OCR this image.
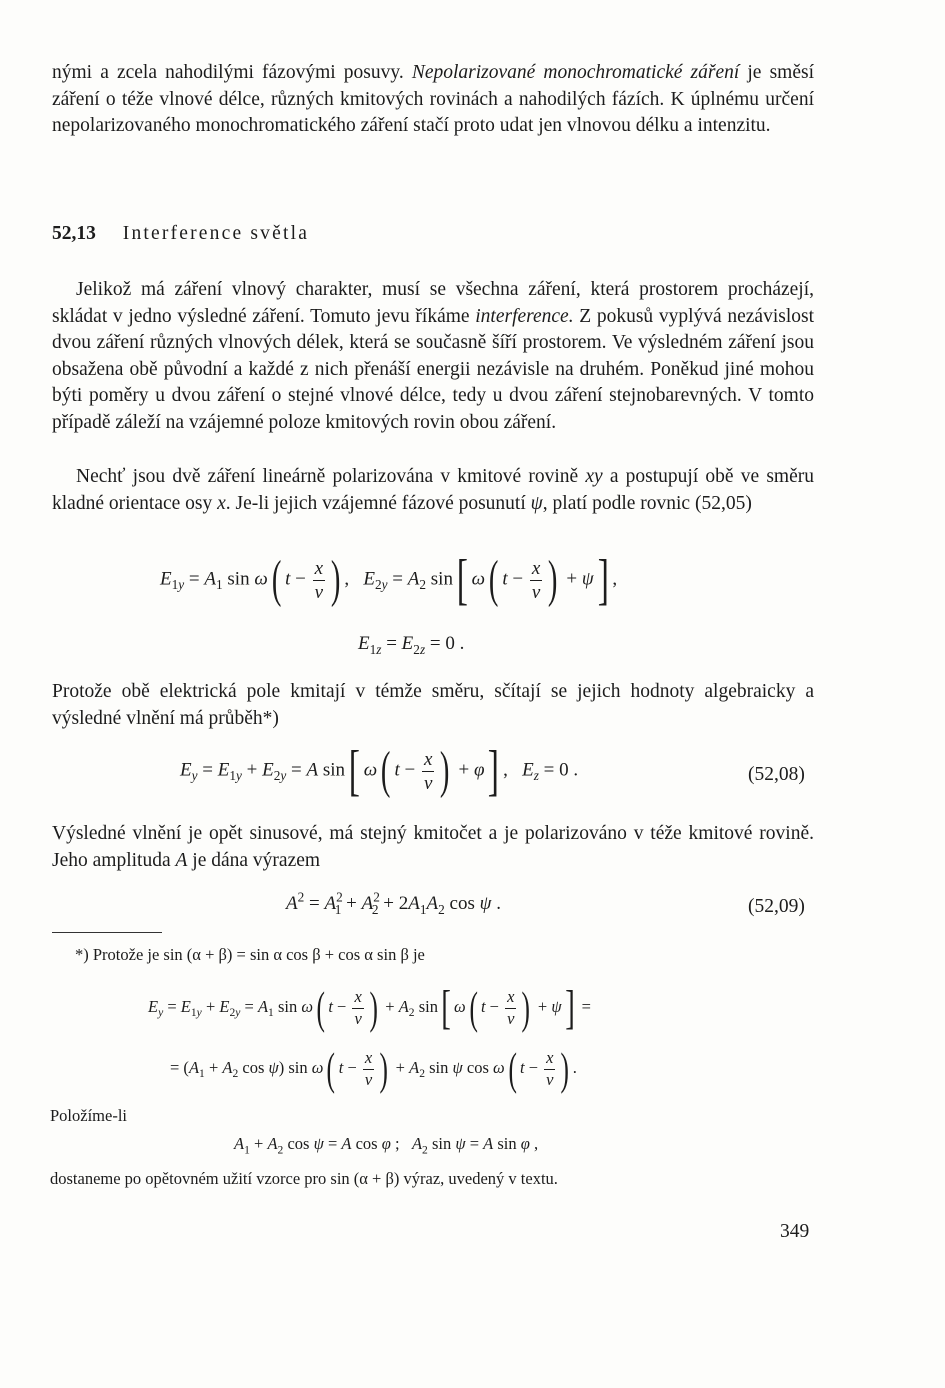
nými a zcela nahodilými fázovými posuvy. Nepolarizované monochromatické záření je směsí záření o téže vlnové délce, různých kmitových rovinách a nahodilých fázích. K úplnému určení nepolarizovaného monochromatického záření stačí proto udat jen vlnovou délku a intenzitu.
52,13 Interference světla
Jelikož má záření vlnový charakter, musí se všechna záření, která prostorem procházejí, skládat v jedno výsledné záření. Tomuto jevu říkáme interference. Z pokusů vyplývá nezávislost dvou záření různých vlnových délek, která se současně šíří prostorem. Ve výsledném záření jsou obsažena obě původní a každé z nich přenáší energii nezávisle na druhém. Poněkud jiné mohou býti poměry u dvou záření o stejné vlnové délce, tedy u dvou záření stejnobarevných. V tomto případě záleží na vzájemné poloze kmitových rovin obou záření.
Nechť jsou dvě záření lineárně polarizována v kmitové rovině xy a postupují obě ve směru kladné orientace osy x. Je-li jejich vzájemné fázové posunutí ψ, platí podle rovnic (52,05)
$E_{1y} = A_1$ sin ω( $t - \frac{x}{v}$ ) ,   $E_{2y} = A_2$ sin[ ω( $t - \frac{x}{v}$ ) + ψ] ,
$E_{1z} = E_{2z} = 0$ .
Protože obě elektrická pole kmitají v témže směru, sčítají se jejich hodnoty algebraicky a výsledné vlnění má průběh*)
$E_y = E_{1y} + E_{2y} = A$ sin[ ω( $t - \frac{x}{v}$ ) + φ] ,   $E_z = 0$ .	(52,08)
Výsledné vlnění je opět sinusové, má stejný kmitočet a je polarizováno v téže kmitové rovině. Jeho amplituda A je dána výrazem
$A^2 = A^2_1 + A^2_2 + 2A_1A_2$ cos ψ .	(52,09)
*) Protože je sin (α + β) = sin α cos β + cos α sin β je
$E_y = E_{1y} + E_{2y} = A_1$ sin ω( $t - \frac{x}{v}$ ) + $A_2$ sin[ ω( $t - \frac{x}{v}$ ) + ψ] =
= ($A_1 + A_2$ cos ψ) sin ω( $t - \frac{x}{v}$ ) + $A_2$ sin ψ cos ω( $t - \frac{x}{v}$ ) .
Položíme-li
$A_1 + A_2$ cos ψ = A cos φ ;   $A_2$ sin ψ = A sin φ ,
dostaneme po opětovném užití vzorce pro sin (α + β) výraz, uvedený v textu.
349
